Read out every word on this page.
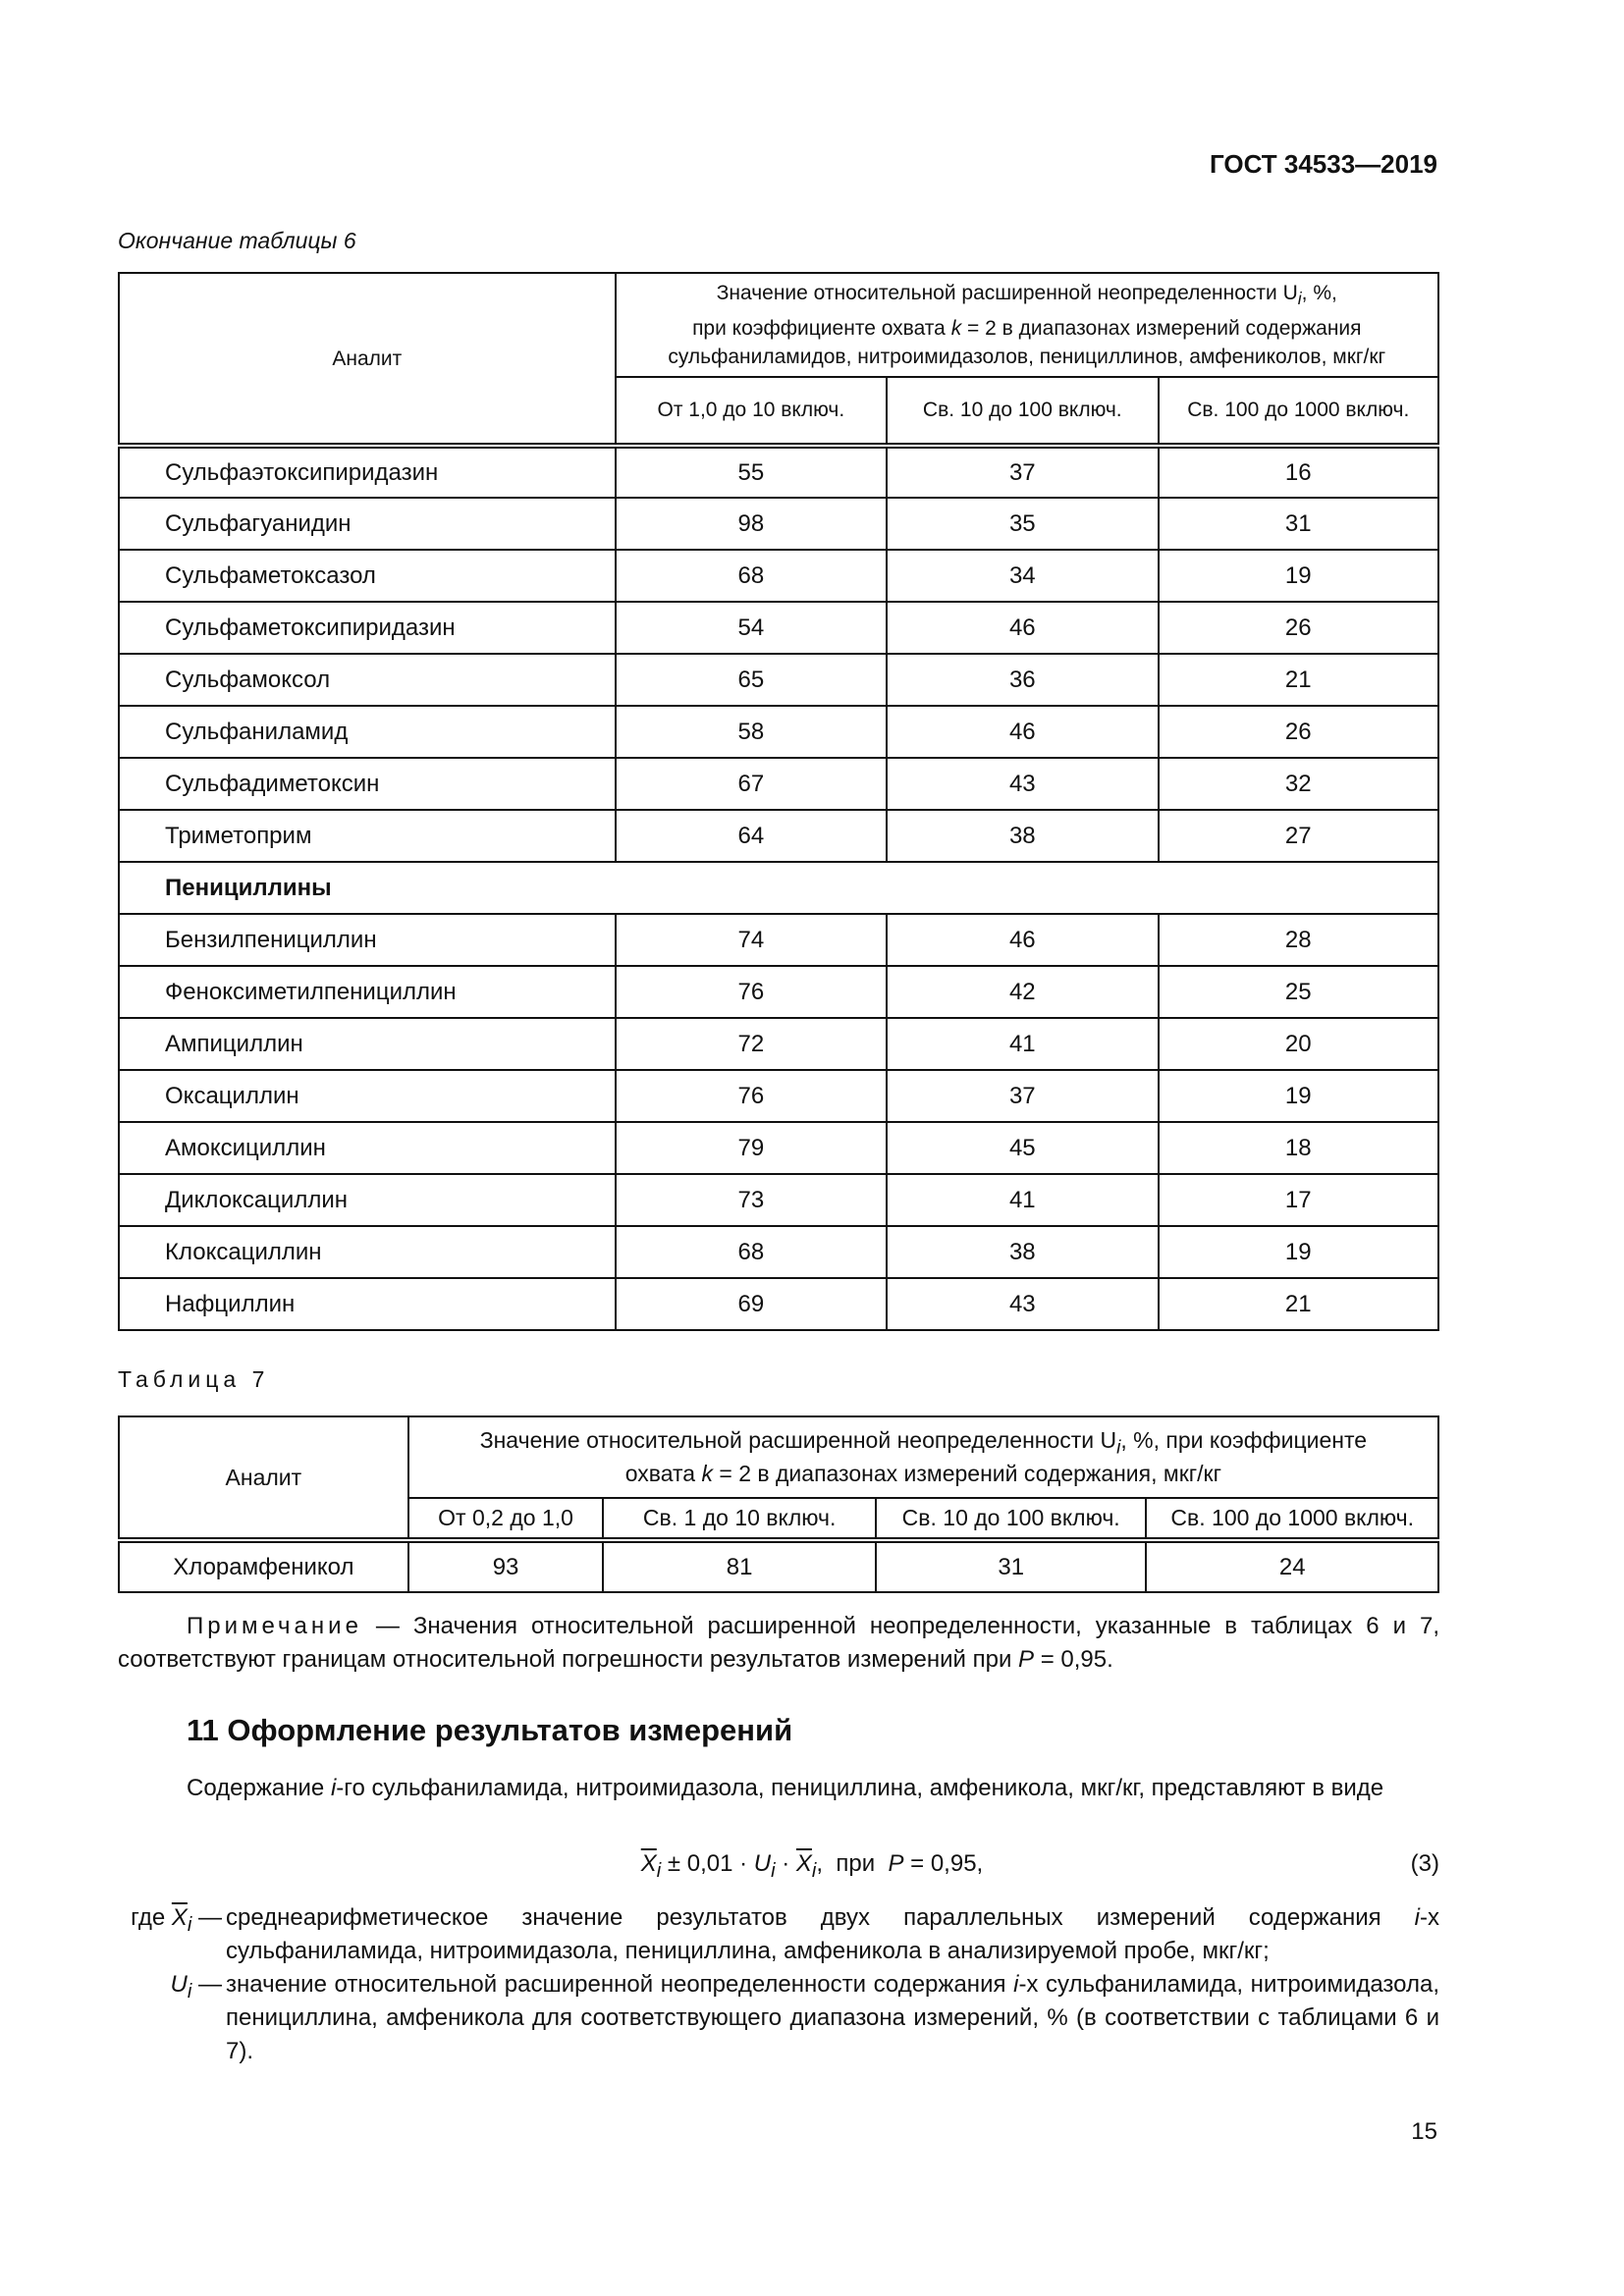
ГОСТ 34533—2019
Окончание таблицы 6
Аналит	Значение относительной расширенной неопределенности $U_i$, %,
при коэффициенте охвата k = 2 в диапазонах измерений содержания
сульфаниламидов, нитроимидазолов, пенициллинов, амфениколов, мкг/кг		
	От 1,0 до 10 включ.	Св. 10 до 100 включ.	Св. 100 до 1000 включ.
Сульфаэтоксипиридазин	55	37	16
Сульфагуанидин	98	35	31
Сульфаметоксазол	68	34	19
Сульфаметоксипиридазин	54	46	26
Сульфамоксол	65	36	21
Сульфаниламид	58	46	26
Сульфадиметоксин	67	43	32
Триметоприм	64	38	27
Пенициллины			
Бензилпенициллин	74	46	28
Феноксиметилпенициллин	76	42	25
Ампициллин	72	41	20
Оксациллин	76	37	19
Амоксициллин	79	45	18
Диклоксациллин	73	41	17
Клоксациллин	68	38	19
Нафциллин	69	43	21
Таблица 7
Аналит	Значение относительной расширенной неопределенности $U_i$, %, при коэффициенте
охвата k = 2 в диапазонах измерений содержания, мкг/кг			
	От 0,2 до 1,0	Св. 1 до 10 включ.	Св. 10 до 100 включ.	Св. 100 до 1000 включ.
Хлорамфеникол	93	81	31	24
Примечание — Значения относительной расширенной неопределенности, указанные в таблицах 6 и 7, соответствуют границам относительной погрешности результатов измерений при P = 0,95.
11 Оформление результатов измерений
Содержание i-го сульфаниламида, нитроимидазола, пенициллина, амфеникола, мкг/кг, представляют в виде
$\overline{X}_i \pm 0,01 \cdot U_i \cdot \overline{X}_i$,  при  P = 0,95,	(3)
где $\overline{X}_i$ — среднеарифметическое значение результатов двух параллельных измерений содержания i-х сульфаниламида, нитроимидазола, пенициллина, амфеникола в анализируемой пробе, мкг/кг;
$U_i$ — значение относительной расширенной неопределенности содержания i-х сульфаниламида, нитроимидазола, пенициллина, амфеникола для соответствующего диапазона измерений, % (в соответствии с таблицами 6 и 7).
15
